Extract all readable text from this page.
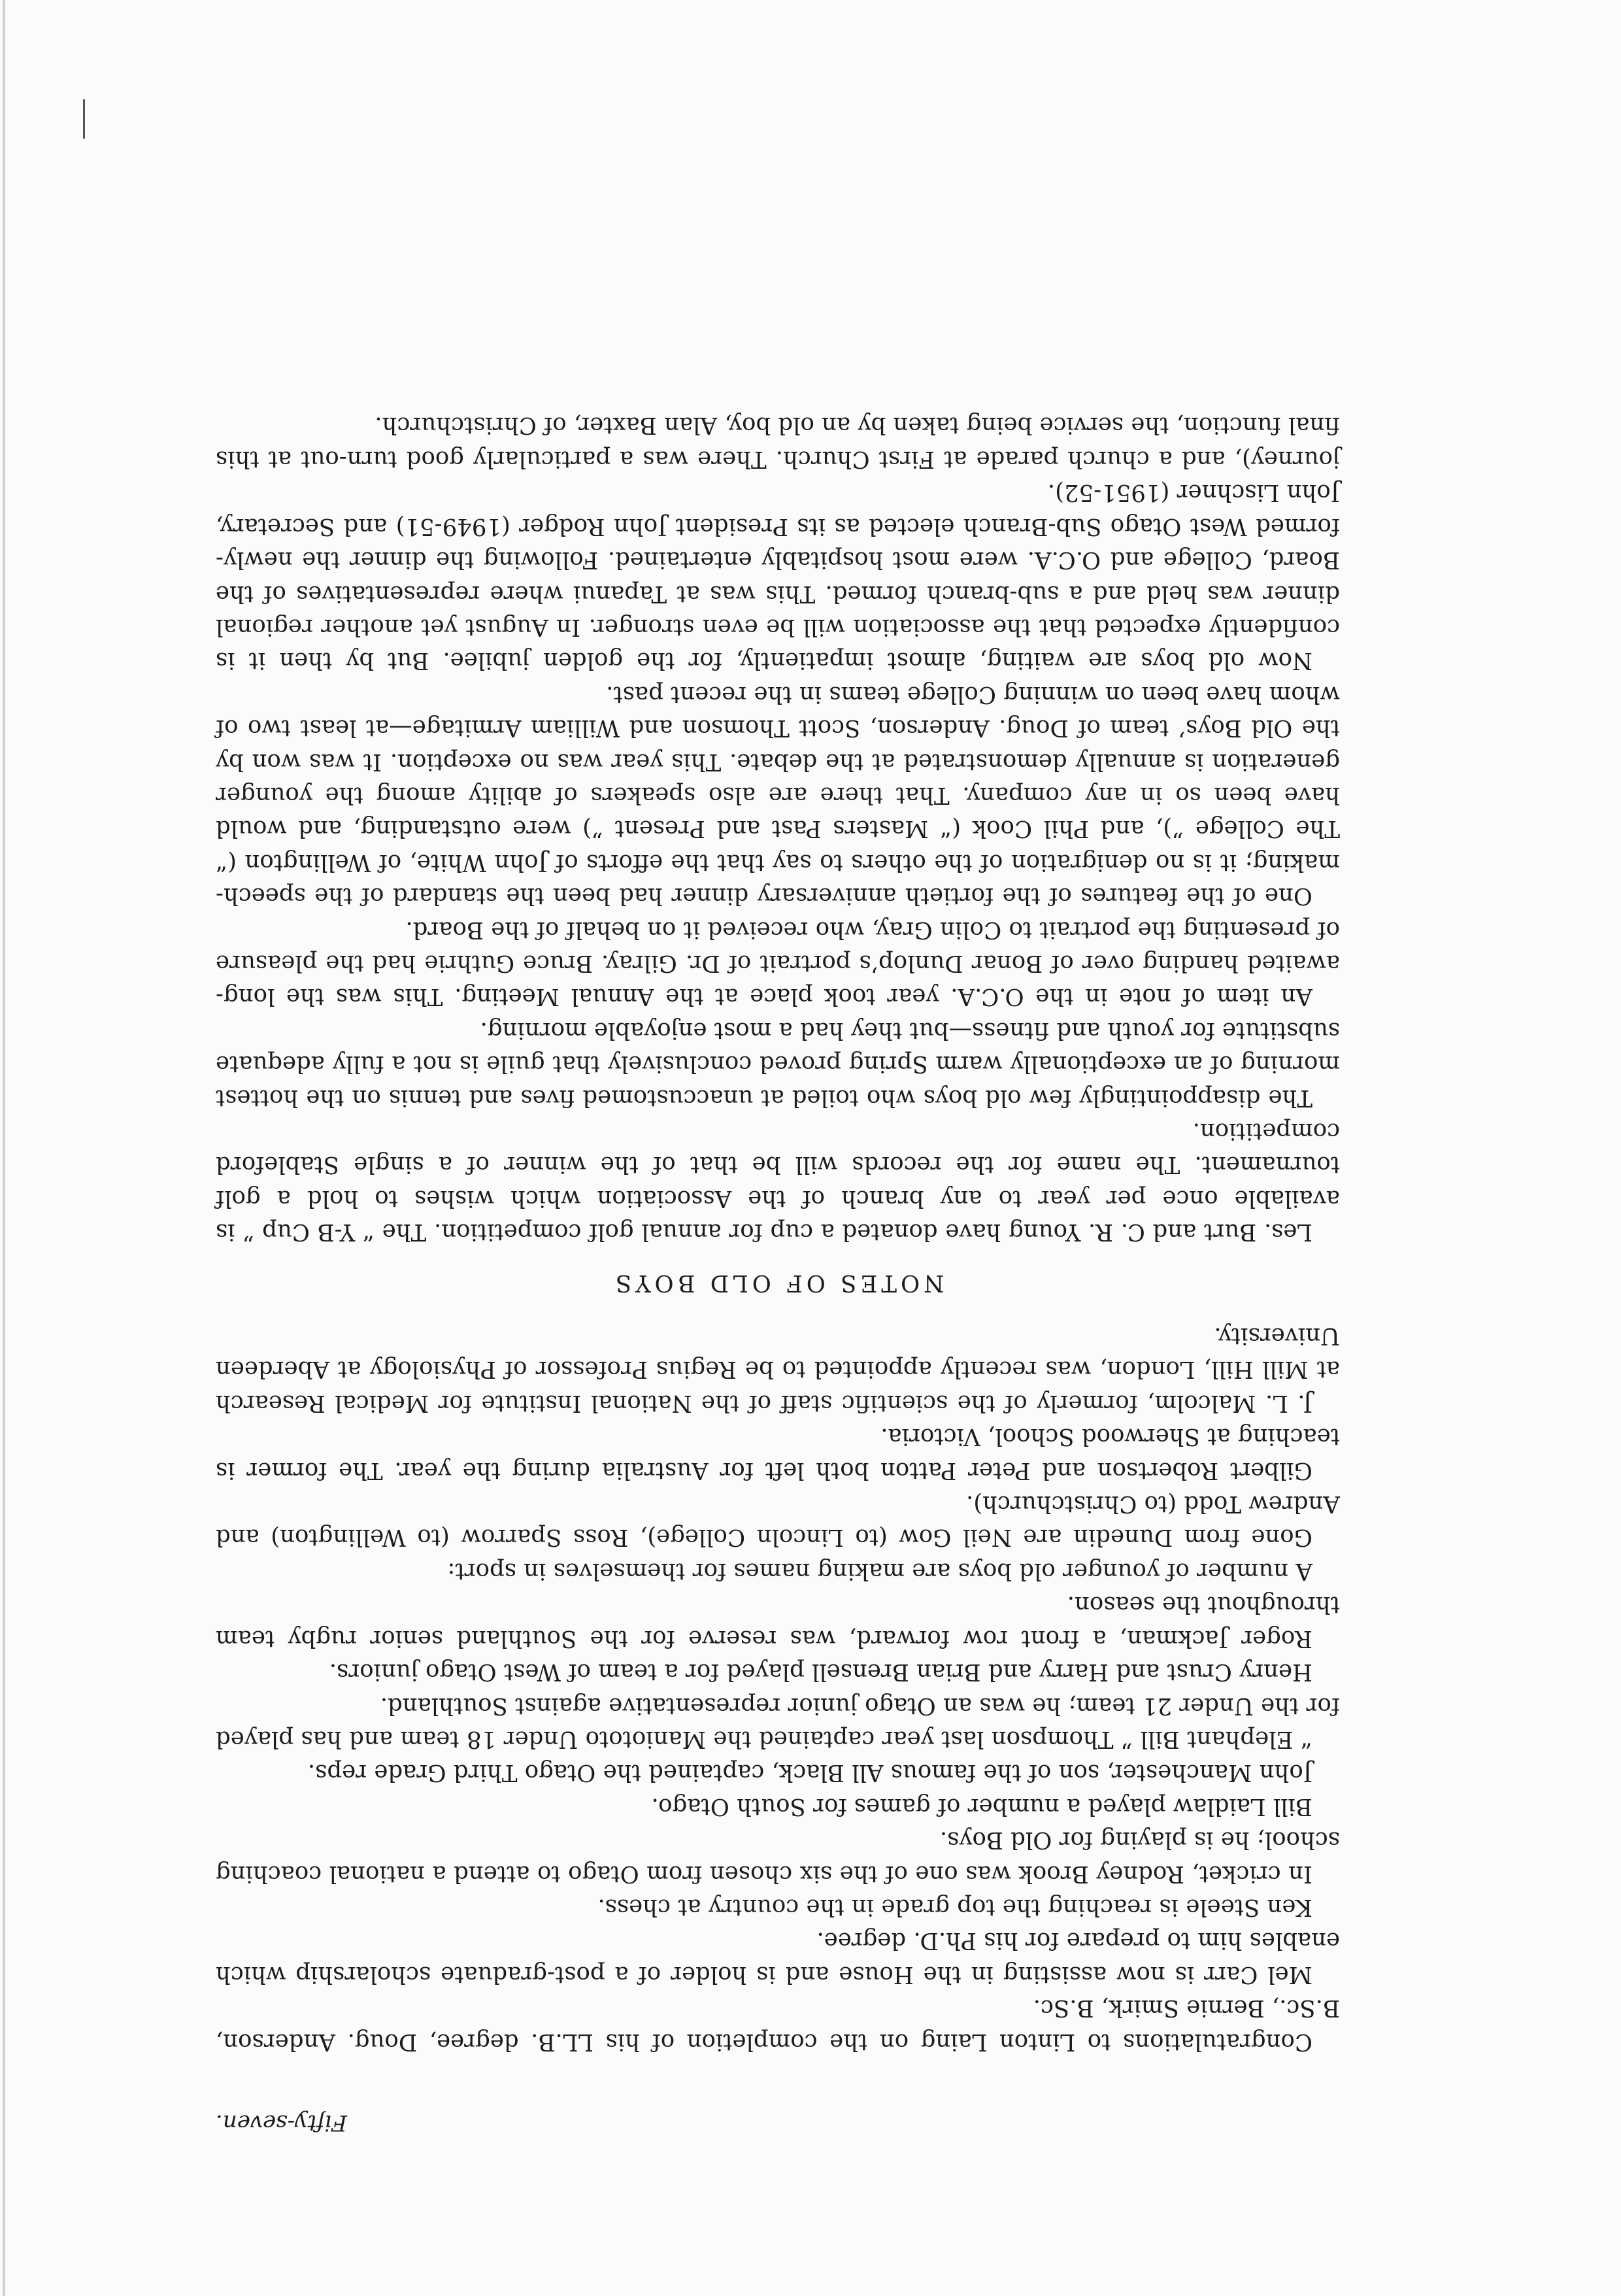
Fifty-seven.

Congratulations to Linton Laing on the completion of his LL.B. degree, Doug. Anderson, B.Sc., Bernie Smirk, B.Sc.

Mel Carr is now assisting in the House and is holder of a post-graduate scholarship which enables him to prepare for his Ph.D. degree.

Ken Steele is reaching the top grade in the country at chess.

In cricket, Rodney Brook was one of the six chosen from Otago to attend a national coaching school; he is playing for Old Boys.

Bill Laidlaw played a number of games for South Otago.

John Manchester, son of the famous All Black, captained the Otago Third Grade reps.

“ Elephant Bill ” Thompson last year captained the Maniototo Under 18 team and has played for the Under 21 team; he was an Otago junior representative against Southland.

Henry Crust and Harry and Brian Brensell played for a team of West Otago juniors.

Roger Jackman, a front row forward, was reserve for the Southland senior rugby team throughout the season.

A number of younger old boys are making names for themselves in sport:

Gone from Dunedin are Neil Gow (to Lincoln College), Ross Sparrow (to Wellington) and Andrew Todd (to Christchurch).

Gilbert Robertson and Peter Patton both left for Australia during the year. The former is teaching at Sherwood School, Victoria.

J. L. Malcolm, formerly of the scientific staff of the National Institute for Medical Research at Mill Hill, London, was recently appointed to be Regius Professor of Physiology at Aberdeen University.

NOTES OF OLD BOYS

Les. Burt and C. R. Young have donated a cup for annual golf competition. The “ Y-B Cup ” is available once per year to any branch of the Association which wishes to hold a golf tournament. The name for the records will be that of the winner of a single Stableford competition.

The disappointingly few old boys who toiled at unaccustomed fives and tennis on the hottest morning of an exceptionally warm Spring proved conclusively that guile is not a fully adequate substitute for youth and fitness—but they had a most enjoyable morning.

An item of note in the O.C.A. year took place at the Annual Meeting. This was the long-awaited handing over of Bonar Dunlop’s portrait of Dr. Gilray. Bruce Guthrie had the pleasure of presenting the portrait to Colin Gray, who received it on behalf of the Board.

One of the features of the fortieth anniversary dinner had been the standard of the speech-making; it is no denigration of the others to say that the efforts of John White, of Wellington (“ The College ”), and Phil Cook (“ Masters Past and Present ”) were outstanding, and would have been so in any company. That there are also speakers of ability among the younger generation is annually demonstrated at the debate. This year was no exception. It was won by the Old Boys’ team of Doug. Anderson, Scott Thomson and William Armitage—at least two of whom have been on winning College teams in the recent past.

Now old boys are waiting, almost impatiently, for the golden jubilee. But by then it is confidently expected that the association will be even stronger. In August yet another regional dinner was held and a sub-branch formed. This was at Tapanui where representatives of the Board, College and O.C.A. were most hospitably entertained. Following the dinner the newly-formed West Otago Sub-Branch elected as its President John Rodger (1949-51) and Secretary, John Lischner (1951-52).

journey), and a church parade at First Church. There was a particularly good turn-out at this final function, the service being taken by an old boy, Alan Baxter, of Christchurch.
